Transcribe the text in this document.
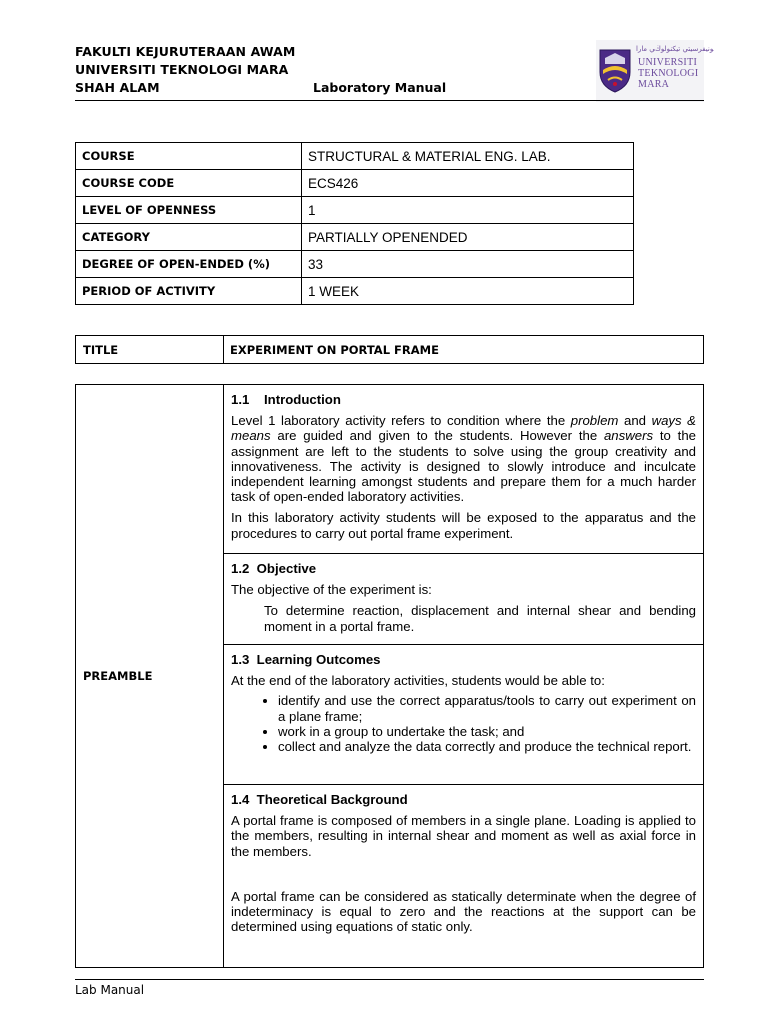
FAKULTI KEJURUTERAAN AWAM
UNIVERSITI TEKNOLOGI MARA
SHAH ALAM	Laboratory Manual
ﻮﻧﻴﻔﺮﺳﻴﺘﻲ ﺗﻴﻜﻨﻮﻟﻮڬﻲ ﻣارا
UNIVERSITI
TEKNOLOGI
MARA
COURSE	STRUCTURAL & MATERIAL ENG. LAB.
COURSE CODE	ECS426
LEVEL OF OPENNESS	1
CATEGORY	PARTIALLY OPENENDED
DEGREE OF OPEN-ENDED (%)	33
PERIOD OF ACTIVITY	1 WEEK
TITLE	EXPERIMENT ON PORTAL FRAME
PREAMBLE	
1.1 Introduction

Level 1 laboratory activity refers to condition where the problem and ways & means are guided and given to the students. However the answers to the assignment are left to the students to solve using the group creativity and innovativeness. The activity is designed to slowly introduce and inculcate independent learning amongst students and prepare them for a much harder task of open-ended laboratory activities.

In this laboratory activity students will be exposed to the apparatus and the procedures to carry out portal frame experiment.

1.2 Objective

The objective of the experiment is:

To determine reaction, displacement and internal shear and bending moment in a portal frame.

1.3 Learning Outcomes

At the end of the laboratory activities, students would be able to:

• identify and use the correct apparatus/tools to carry out experiment on a plane frame;
• work in a group to undertake the task; and
• collect and analyze the data correctly and produce the technical report.

1.4 Theoretical Background

A portal frame is composed of members in a single plane. Loading is applied to the members, resulting in internal shear and moment as well as axial force in the members.

A portal frame can be considered as statically determinate when the degree of indeterminacy is equal to zero and the reactions at the support can be determined using equations of static only.

Lab Manual
